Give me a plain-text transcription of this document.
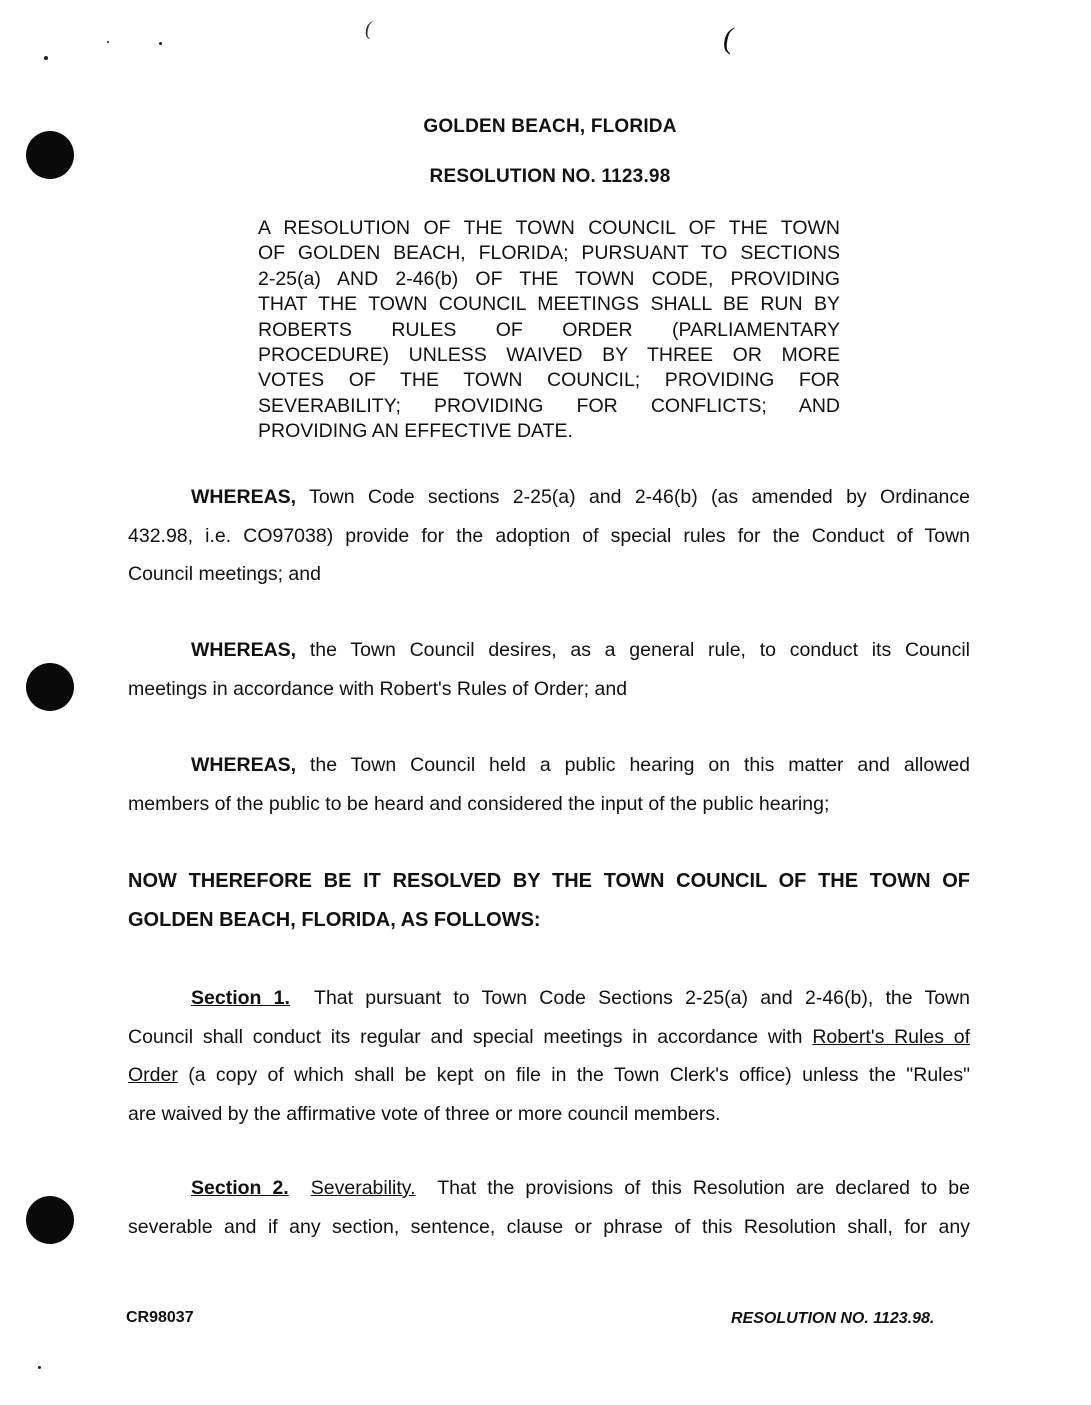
(	(
GOLDEN BEACH, FLORIDA
RESOLUTION NO. 1123.98
A RESOLUTION OF THE TOWN COUNCIL OF THE TOWN
OF GOLDEN BEACH, FLORIDA; PURSUANT TO SECTIONS
2-25(a) AND 2-46(b) OF THE TOWN CODE, PROVIDING
THAT THE TOWN COUNCIL MEETINGS SHALL BE RUN BY
ROBERTS RULES OF ORDER (PARLIAMENTARY
PROCEDURE) UNLESS WAIVED BY THREE OR MORE
VOTES OF THE TOWN COUNCIL; PROVIDING FOR
SEVERABILITY; PROVIDING FOR CONFLICTS; AND
PROVIDING AN EFFECTIVE DATE.
WHEREAS, Town Code sections 2-25(a) and 2-46(b) (as amended by Ordinance
432.98, i.e. CO97038) provide for the adoption of special rules for the Conduct of Town
Council meetings; and
WHEREAS, the Town Council desires, as a general rule, to conduct its Council
meetings in accordance with Robert's Rules of Order; and
WHEREAS, the Town Council held a public hearing on this matter and allowed
members of the public to be heard and considered the input of the public hearing;
NOW THEREFORE BE IT RESOLVED BY THE TOWN COUNCIL OF THE TOWN OF
GOLDEN BEACH, FLORIDA, AS FOLLOWS:
Section 1. That pursuant to Town Code Sections 2-25(a) and 2-46(b), the Town
Council shall conduct its regular and special meetings in accordance with Robert's Rules of
Order (a copy of which shall be kept on file in the Town Clerk's office) unless the "Rules"
are waived by the affirmative vote of three or more council members.
Section 2. Severability. That the provisions of this Resolution are declared to be
severable and if any section, sentence, clause or phrase of this Resolution shall, for any
CR98037	RESOLUTION NO. 1123.98.
